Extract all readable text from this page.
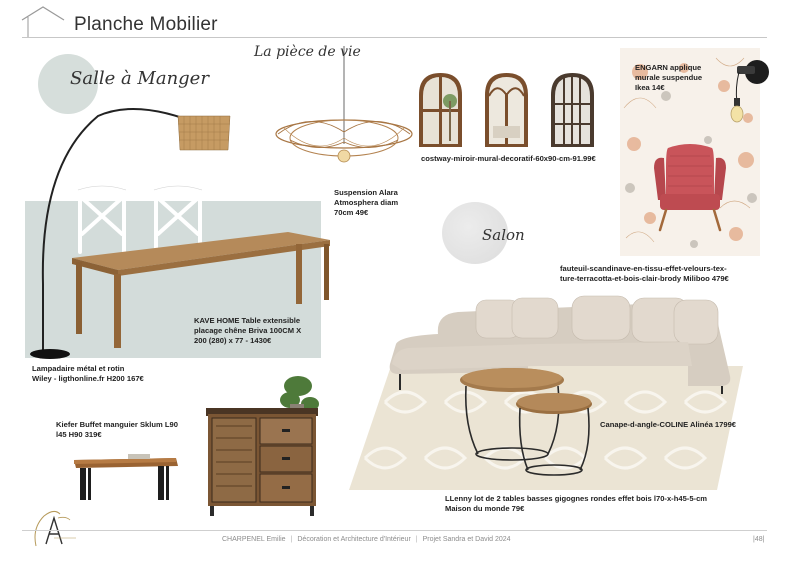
Planche Mobilier
Salle à Manger
La pièce de vie
Salon
Lampadaire métal et rotin
Wiley - ligthonline.fr H200 167€
KAVE HOME Table extensible
placage chêne Briva 100CM X
200 (280) x 77 - 1430€
Suspension Alara
Atmosphera diam
70cm 49€
costway-miroir-mural-decoratif-60x90-cm-91.99€
ENGARN applique
murale suspendue
Ikea 14€
fauteuil-scandinave-en-tissu-effet-velours-tex-
ture-terracotta-et-bois-clair-brody Miliboo 479€
Kiefer Buffet manguier Sklum L90
l45 H90 319€
Canape-d-angle-COLINE Alinéa 1799€
LLenny lot de 2 tables basses gigognes rondes effet bois l70-x-h45-5-cm
Maison du monde 79€
CHARPENEL Emilie | Décoration et Architecture d'Intérieur | Projet Sandra et David 2024	|48|
